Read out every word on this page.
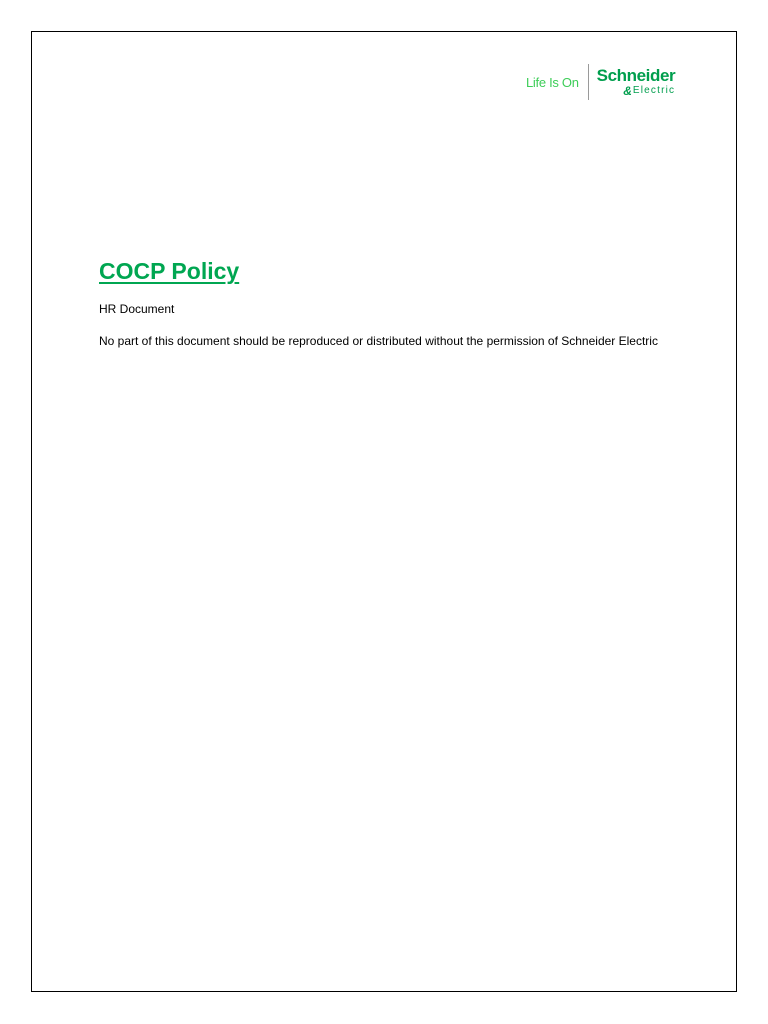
Life Is On Schneider
& Electric
COCP Policy

HR Document

No part of this document should be reproduced or distributed without the permission of Schneider Electric
